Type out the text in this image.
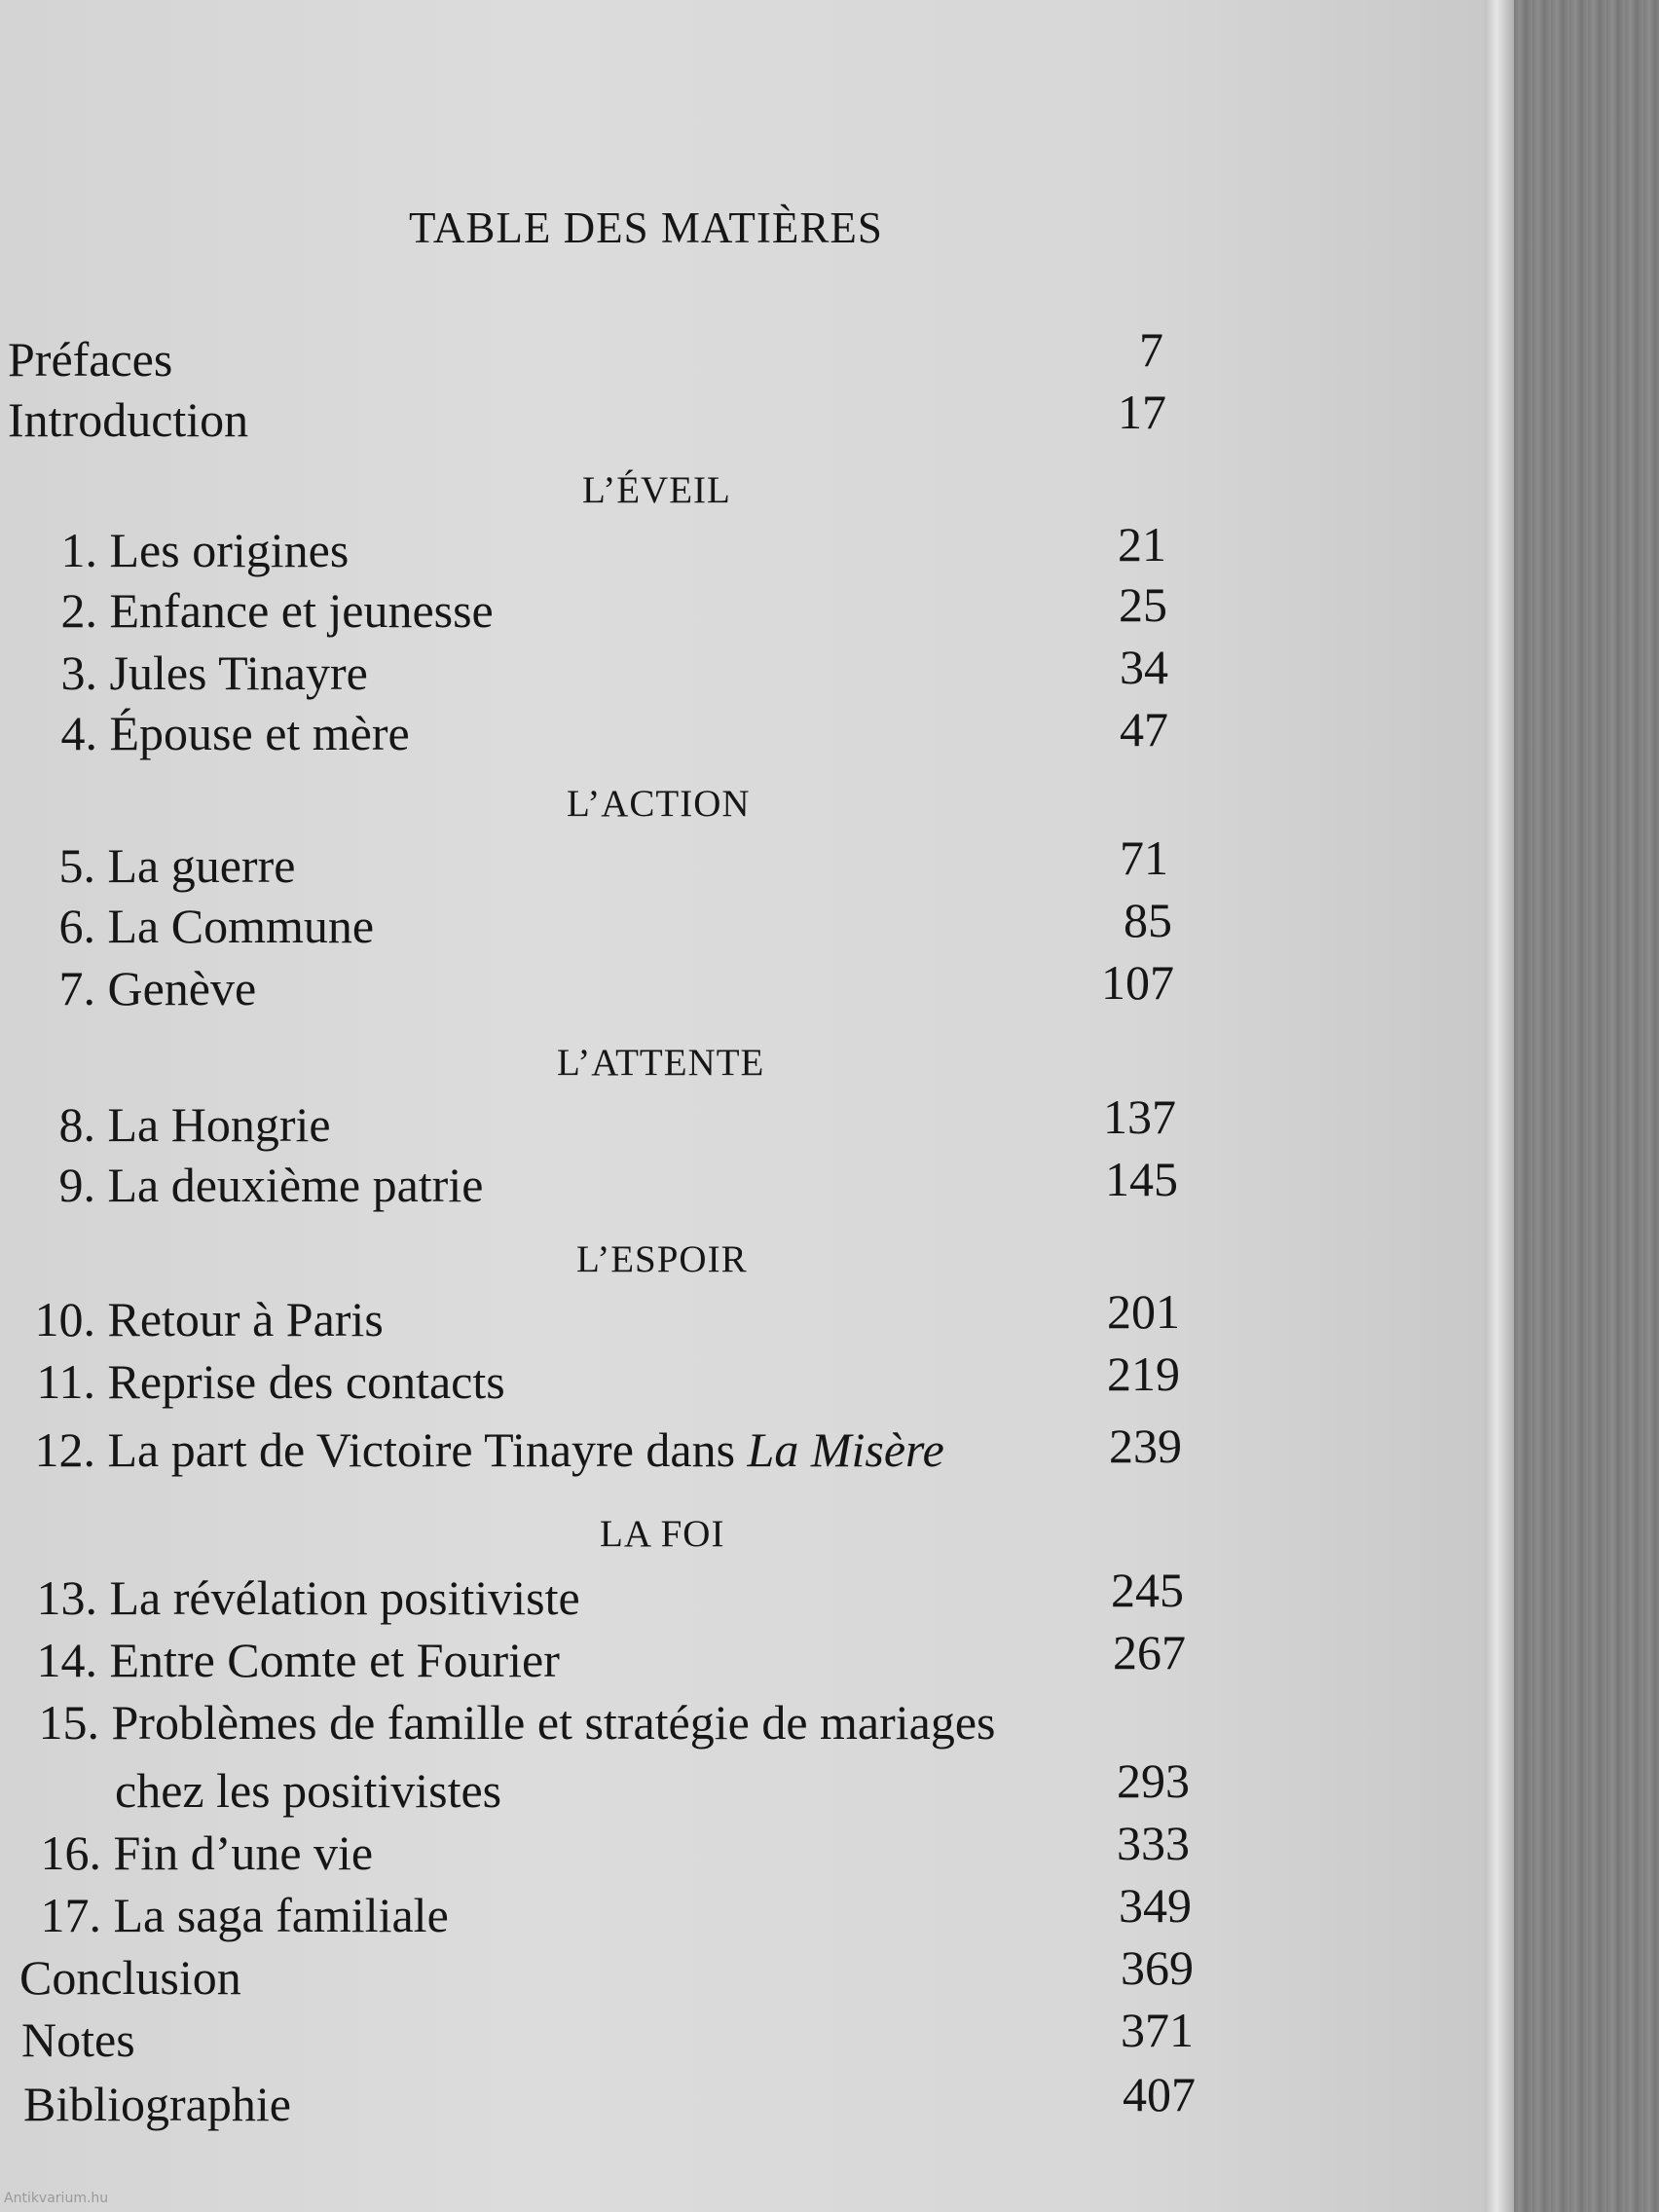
TABLE DES MATIÈRES
Préfaces	7
Introduction	17
L’ÉVEIL
1. Les origines	21
2. Enfance et jeunesse	25
3. Jules Tinayre	34
4. Épouse et mère	47
L’ACTION
5. La guerre	71
6. La Commune	85
7. Genève	107
L’ATTENTE
8. La Hongrie	137
9. La deuxième patrie	145
L’ESPOIR
10. Retour à Paris	201
11. Reprise des contacts	219
12. La part de Victoire Tinayre dans La Misère	239
LA FOI
13. La révélation positiviste	245
14. Entre Comte et Fourier	267
15. Problèmes de famille et stratégie de mariages
chez les positivistes	293
16. Fin d’une vie	333
17. La saga familiale	349
Conclusion	369
Notes	371
Bibliographie	407
Antikvarium.hu
